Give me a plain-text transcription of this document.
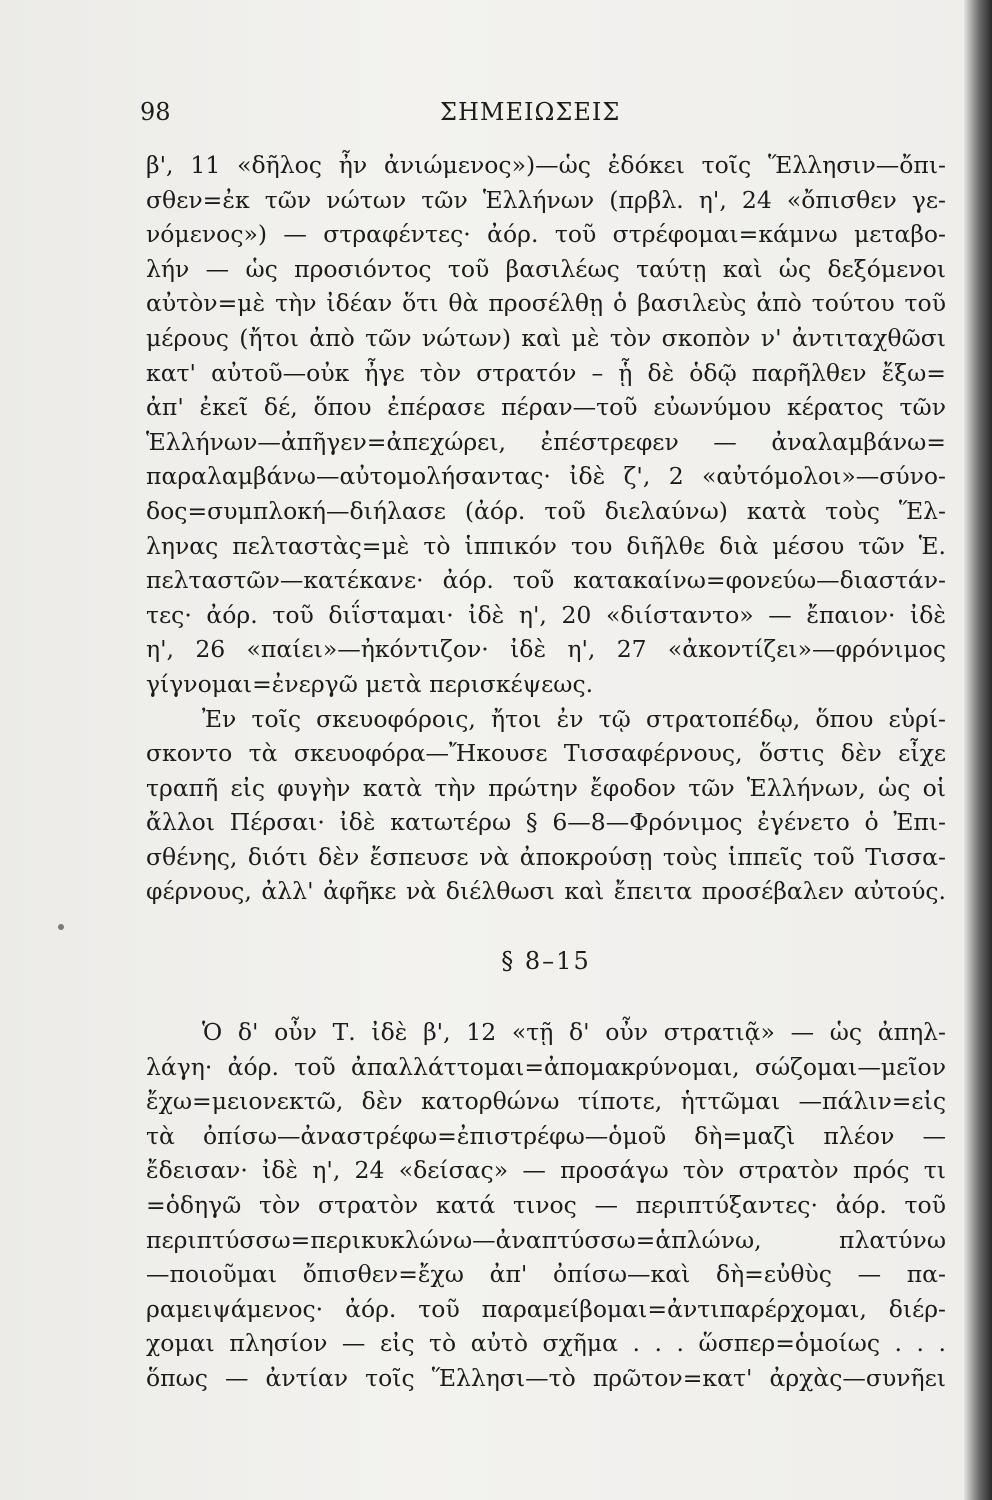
98	ΣΗΜΕΙΩΣΕΙΣ
β', 11 «δῆλος ἦν ἀνιώμενος»)—ὡς ἐδόκει τοῖς Ἕλλησιν—ὄπι-
σθεν=ἐκ τῶν νώτων τῶν Ἑλλήνων (πρβλ. η', 24 «ὄπισθεν γε-
νόμενος») — στραφέντες· ἀόρ. τοῦ στρέφομαι=κάμνω μεταβο-
λήν — ὡς προσιόντος τοῦ βασιλέως ταύτῃ καὶ ὡς δεξόμενοι
αὐτὸν=μὲ τὴν ἰδέαν ὅτι θὰ προσέλθῃ ὁ βασιλεὺς ἀπὸ τούτου τοῦ
μέρους (ἤτοι ἀπὸ τῶν νώτων) καὶ μὲ τὸν σκοπὸν ν' ἀντιταχθῶσι
κατ' αὐτοῦ—οὐκ ἦγε τὸν στρατόν – ᾗ δὲ ὁδῷ παρῆλθεν ἔξω=
ἀπ' ἐκεῖ δέ, ὅπου ἐπέρασε πέραν—τοῦ εὐωνύμου κέρατος τῶν
Ἑλλήνων—ἀπῆγεν=ἀπεχώρει, ἐπέστρεφεν — ἀναλαμβάνω=
παραλαμβάνω—αὐτομολήσαντας· ἰδὲ ζ', 2 «αὐτόμολοι»—σύνο-
δος=συμπλοκή—διήλασε (ἀόρ. τοῦ διελαύνω) κατὰ τοὺς Ἕλ-
ληνας πελταστὰς=μὲ τὸ ἱππικόν του διῆλθε διὰ μέσου τῶν Ἑ.
πελταστῶν—κατέκανε· ἀόρ. τοῦ κατακαίνω=φονεύω—διαστάν-
τες· ἀόρ. τοῦ διΐσταμαι· ἰδὲ η', 20 «διίσταντο» — ἔπαιον· ἰδὲ
η', 26 «παίει»—ἠκόντιζον· ἰδὲ η', 27 «ἀκοντίζει»—φρόνιμος
γίγνομαι=ἐνεργῶ μετὰ περισκέψεως.
Ἐν τοῖς σκευοφόροις, ἤτοι ἐν τῷ στρατοπέδῳ, ὅπου εὑρί-
σκοντο τὰ σκευοφόρα—Ἤκουσε Τισσαφέρνους, ὅστις δὲν εἶχε
τραπῆ εἰς φυγὴν κατὰ τὴν πρώτην ἔφοδον τῶν Ἑλλήνων, ὡς οἱ
ἄλλοι Πέρσαι· ἰδὲ κατωτέρω § 6—8—Φρόνιμος ἐγένετο ὁ Ἐπι-
σθένης, διότι δὲν ἔσπευσε νὰ ἀποκρούσῃ τοὺς ἱππεῖς τοῦ Τισσα-
φέρνους, ἀλλ' ἀφῆκε νὰ διέλθωσι καὶ ἔπειτα προσέβαλεν αὐτούς.
§ 8–15
Ὁ δ' οὖν Τ. ἰδὲ β', 12 «τῇ δ' οὖν στρατιᾷ» — ὡς ἀπηλ-
λάγη· ἀόρ. τοῦ ἀπαλλάττομαι=ἀπομακρύνομαι, σώζομαι—μεῖον
ἔχω=μειονεκτῶ, δὲν κατορθώνω τίποτε, ἡττῶμαι —πάλιν=εἰς
τὰ ὀπίσω—ἀναστρέφω=ἐπιστρέφω—ὁμοῦ δὴ=μαζὶ πλέον —
ἔδεισαν· ἰδὲ η', 24 «δείσας» — προσάγω τὸν στρατὸν πρός τι
=ὁδηγῶ τὸν στρατὸν κατά τινος — περιπτύξαντες· ἀόρ. τοῦ
περιπτύσσω=περικυκλώνω—ἀναπτύσσω=ἁπλώνω, πλατύνω
—ποιοῦμαι ὄπισθεν=ἔχω ἀπ' ὀπίσω—καὶ δὴ=εὐθὺς — πα-
ραμειψάμενος· ἀόρ. τοῦ παραμείβομαι=ἀντιπαρέρχομαι, διέρ-
χομαι πλησίον — εἰς τὸ αὐτὸ σχῆμα . . . ὥσπερ=ὁμοίως . . .
ὅπως — ἀντίαν τοῖς Ἕλλησι—τὸ πρῶτον=κατ' ἀρχὰς—συνῆει
